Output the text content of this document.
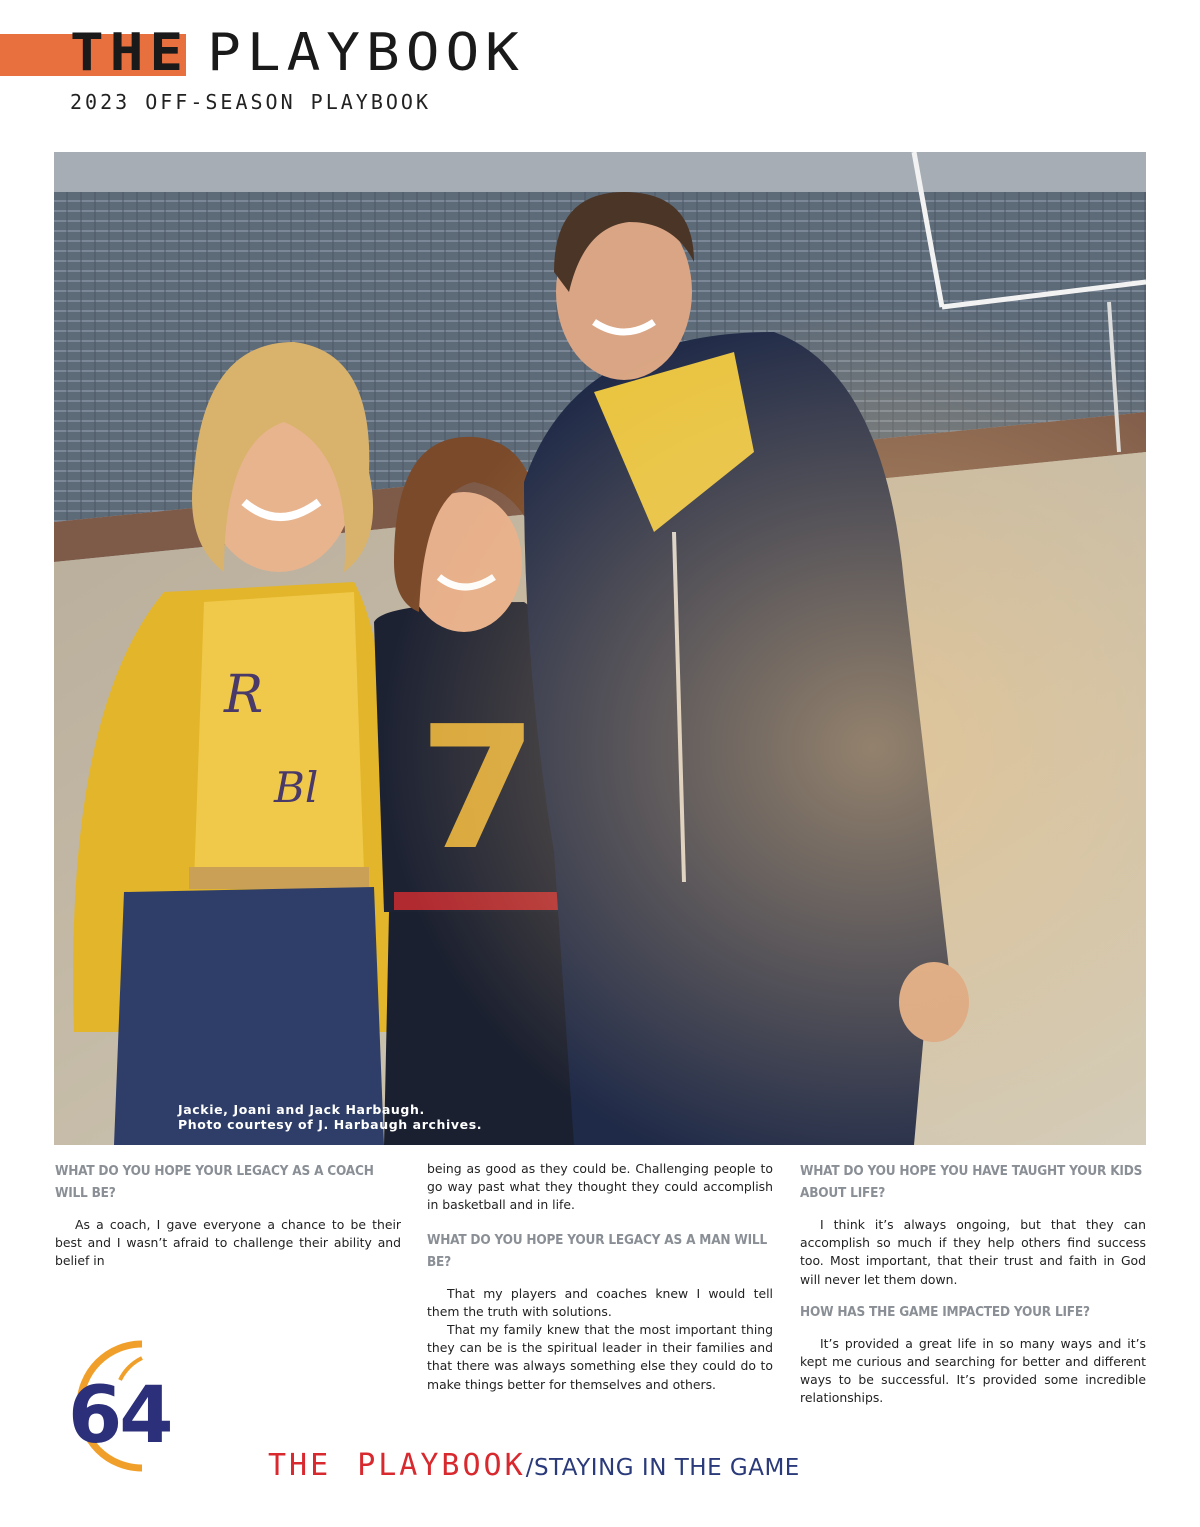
THE PLAYBOOK
2023 OFF-SEASON PLAYBOOK
Jackie, Joani and Jack Harbaugh.
Photo courtesy of J. Harbaugh archives.
WHAT DO YOU HOPE YOUR LEGACY AS A COACH WILL BE?
As a coach, I gave everyone a chance to be their best and I wasn’t afraid to challenge their ability and belief in
being as good as they could be. Challenging people to go way past what they thought they could accomplish in basketball and in life.
WHAT DO YOU HOPE YOUR LEGACY AS A MAN WILL BE?
That my players and coaches knew I would tell them the truth with solutions.
That my family knew that the most important thing they can be is the spiritual leader in their families and that there was always something else they could do to make things better for themselves and others.
WHAT DO YOU HOPE YOU HAVE TAUGHT YOUR KIDS ABOUT LIFE?
I think it’s always ongoing, but that they can accomplish so much if they help others find success too. Most important, that their trust and faith in God will never let them down.
HOW HAS THE GAME IMPACTED YOUR LIFE?
It’s provided a great life in so many ways and it’s kept me curious and searching for better and different ways to be successful. It’s provided some incredible relationships.
64
THE PLAYBOOK/STAYING IN THE GAME
